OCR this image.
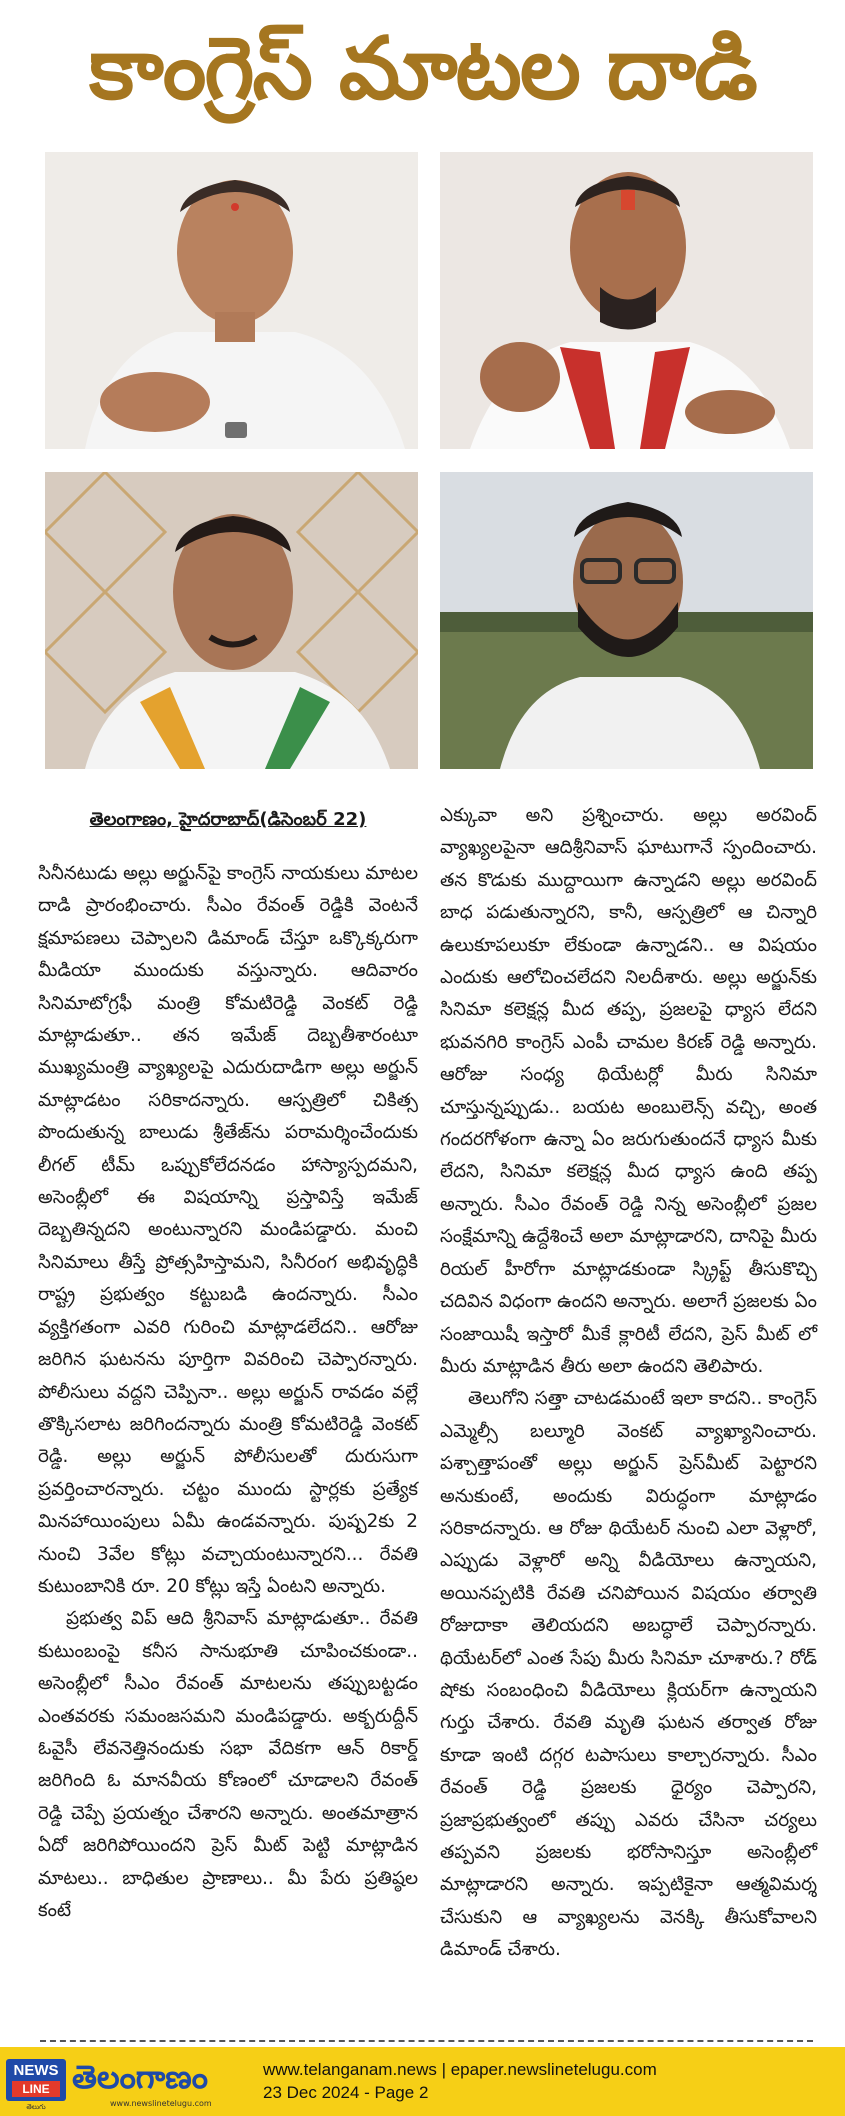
కాంగ్రెస్ మాటల దాడి
తెలంగాణం, హైదరాబాద్(డిసెంబర్ 22)

సినీనటుడు అల్లు అర్జున్‌పై కాంగ్రెస్ నాయకులు మాటల దాడి ప్రారంభించారు. సీఎం రేవంత్ రెడ్డికి వెంటనే క్షమాపణలు చెప్పాలని డిమాండ్ చేస్తూ ఒక్కొక్కరుగా మీడియా ముందుకు వస్తున్నారు. ఆదివారం సినిమాటోగ్రఫీ మంత్రి కోమటిరెడ్డి వెంకట్ రెడ్డి మాట్లాడుతూ.. తన ఇమేజ్ దెబ్బతీశారంటూ ముఖ్యమంత్రి వ్యాఖ్యలపై ఎదురుదాడిగా అల్లు అర్జున్ మాట్లాడటం సరికాదన్నారు. ఆస్పత్రిలో చికిత్స పొందుతున్న బాలుడు శ్రీతేజ్‌ను పరామర్శించేందుకు లీగల్ టీమ్ ఒప్పుకోలేదనడం హాస్యాస్పదమని, అసెంబ్లీలో ఈ విషయాన్ని ప్రస్తావిస్తే ఇమేజ్ దెబ్బతిన్నదని అంటున్నారని మండిపడ్డారు. మంచి సినిమాలు తీస్తే ప్రోత్సహిస్తామని, సినీరంగ అభివృద్ధికి రాష్ట్ర ప్రభుత్వం కట్టుబడి ఉందన్నారు. సీఎం వ్యక్తిగతంగా ఎవరి గురించి మాట్లాడలేదని.. ఆరోజు జరిగిన ఘటనను పూర్తిగా వివరించి చెప్పారన్నారు. పోలీసులు వద్దని చెప్పినా.. అల్లు అర్జున్ రావడం వల్లే తొక్కిసలాట జరిగిందన్నారు మంత్రి కోమటిరెడ్డి వెంకట్ రెడ్డి. అల్లు అర్జున్ పోలీసులతో దురుసుగా ప్రవర్తించారన్నారు. చట్టం ముందు స్టార్లకు ప్రత్యేక మినహాయింపులు ఏమీ ఉండవన్నారు. పుష్ప2కు 2 నుంచి 3వేల కోట్లు వచ్చాయంటున్నారని... రేవతి కుటుంబానికి రూ. 20 కోట్లు ఇస్తే ఏంటని అన్నారు.

ప్రభుత్వ విప్ ఆది శ్రీనివాస్ మాట్లాడుతూ.. రేవతి కుటుంబంపై కనీస సానుభూతి చూపించకుండా.. అసెంబ్లీలో సీఎం రేవంత్ మాటలను తప్పుబట్టడం ఎంతవరకు సమంజసమని మండిపడ్డారు. అక్బరుద్దీన్ ఓవైసీ లేవనెత్తినందుకు సభా వేదికగా ఆన్ రికార్డ్ జరిగింది ఓ మానవీయ కోణంలో చూడాలని రేవంత్ రెడ్డి చెప్పే ప్రయత్నం చేశారని అన్నారు. అంతమాత్రాన ఏదో జరిగిపోయిందని ప్రెస్ మీట్ పెట్టి మాట్లాడిన మాటలు.. బాధితుల ప్రాణాలు.. మీ పేరు ప్రతిష్ఠల కంటే

ఎక్కువా అని ప్రశ్నించారు. అల్లు అరవింద్ వ్యాఖ్యలపైనా ఆదిశ్రీనివాస్ ఘాటుగానే స్పందించారు. తన కొడుకు ముద్దాయిగా ఉన్నాడని అల్లు అరవింద్ బాధ పడుతున్నారని, కానీ, ఆస్పత్రిలో ఆ చిన్నారి ఉలుకూపలుకూ లేకుండా ఉన్నాడని.. ఆ విషయం ఎందుకు ఆలోచించలేదని నిలదీశారు. అల్లు అర్జున్‌కు సినిమా కలెక్షన్ల మీద తప్ప, ప్రజలపై ధ్యాస లేదని భువనగిరి కాంగ్రెస్ ఎంపీ చామల కిరణ్ రెడ్డి అన్నారు. ఆరోజు సంధ్య థియేటర్లో మీరు సినిమా చూస్తున్నప్పుడు.. బయట అంబులెన్స్ వచ్చి, అంత గందరగోళంగా ఉన్నా ఏం జరుగుతుందనే ధ్యాస మీకు లేదని, సినిమా కలెక్షన్ల మీద ధ్యాస ఉంది తప్ప అన్నారు. సీఎం రేవంత్ రెడ్డి నిన్న అసెంబ్లీలో ప్రజల సంక్షేమాన్ని ఉద్దేశించే అలా మాట్లాడారని, దానిపై మీరు రియల్ హీరోగా మాట్లాడకుండా స్క్రిప్ట్ తీసుకొచ్చి చదివిన విధంగా ఉందని అన్నారు. అలాగే ప్రజలకు ఏం సంజాయిషీ ఇస్తారో మీకే క్లారిటీ లేదని, ప్రెస్ మీట్ లో మీరు మాట్లాడిన తీరు అలా ఉందని తెలిపారు.

తెలుగోని సత్తా చాటడమంటే ఇలా కాదని.. కాంగ్రెస్ ఎమ్మెల్సీ బల్మూరి వెంకట్ వ్యాఖ్యానించారు. పశ్చాత్తాపంతో అల్లు అర్జున్ ప్రెస్‌మీట్ పెట్టారని అనుకుంటే, అందుకు విరుద్ధంగా మాట్లాడం సరికాదన్నారు. ఆ రోజు థియేటర్ నుంచి ఎలా వెళ్లారో, ఎప్పుడు వెళ్లారో అన్ని వీడియోలు ఉన్నాయని, అయినప్పటికి రేవతి చనిపోయిన విషయం తర్వాతి రోజుదాకా తెలియదని అబద్ధాలే చెప్పారన్నారు. థియేటర్‌లో ఎంత సేపు మీరు సినిమా చూశారు.? రోడ్ షోకు సంబంధించి వీడియోలు క్లియర్‌గా ఉన్నాయని గుర్తు చేశారు. రేవతి మృతి ఘటన తర్వాత రోజు కూడా ఇంటి దగ్గర టపాసులు కాల్చారన్నారు. సీఎం రేవంత్ రెడ్డి ప్రజలకు ధైర్యం చెప్పారని, ప్రజాప్రభుత్వంలో తప్పు ఎవరు చేసినా చర్యలు తప్పవని ప్రజలకు భరోసానిస్తూ అసెంబ్లీలో మాట్లాడారని అన్నారు. ఇప్పటికైనా ఆత్మవిమర్శ చేసుకుని ఆ వ్యాఖ్యలను వెనక్కి తీసుకోవాలని డిమాండ్ చేశారు.

NEWS
LINE
తెలుగు
తెలంగాణం
www.newslinetelugu.com
www.telanganam.news | epaper.newslinetelugu.com
23 Dec 2024 - Page 2
